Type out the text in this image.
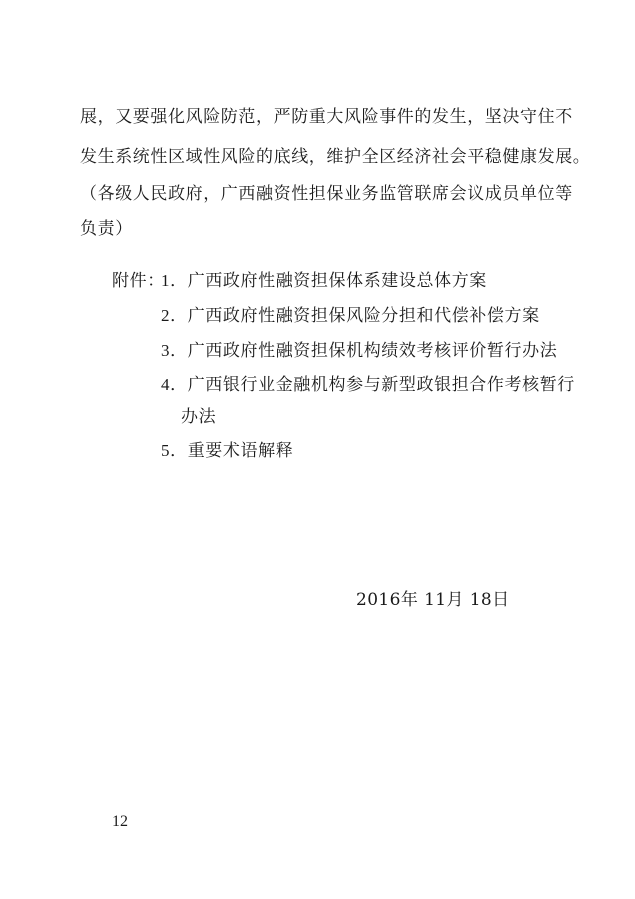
展，又要强化风险防范，严防重大风险事件的发生，坚决守住不
发生系统性区域性风险的底线，维护全区经济社会平稳健康发展。
（各级人民政府，广西融资性担保业务监管联席会议成员单位等
负责）
附件：
1．广西政府性融资担保体系建设总体方案
2．广西政府性融资担保风险分担和代偿补偿方案
3．广西政府性融资担保机构绩效考核评价暂行办法
4．广西银行业金融机构参与新型政银担合作考核暂行
办法
5．重要术语解释
2016年 11月 18日
12
